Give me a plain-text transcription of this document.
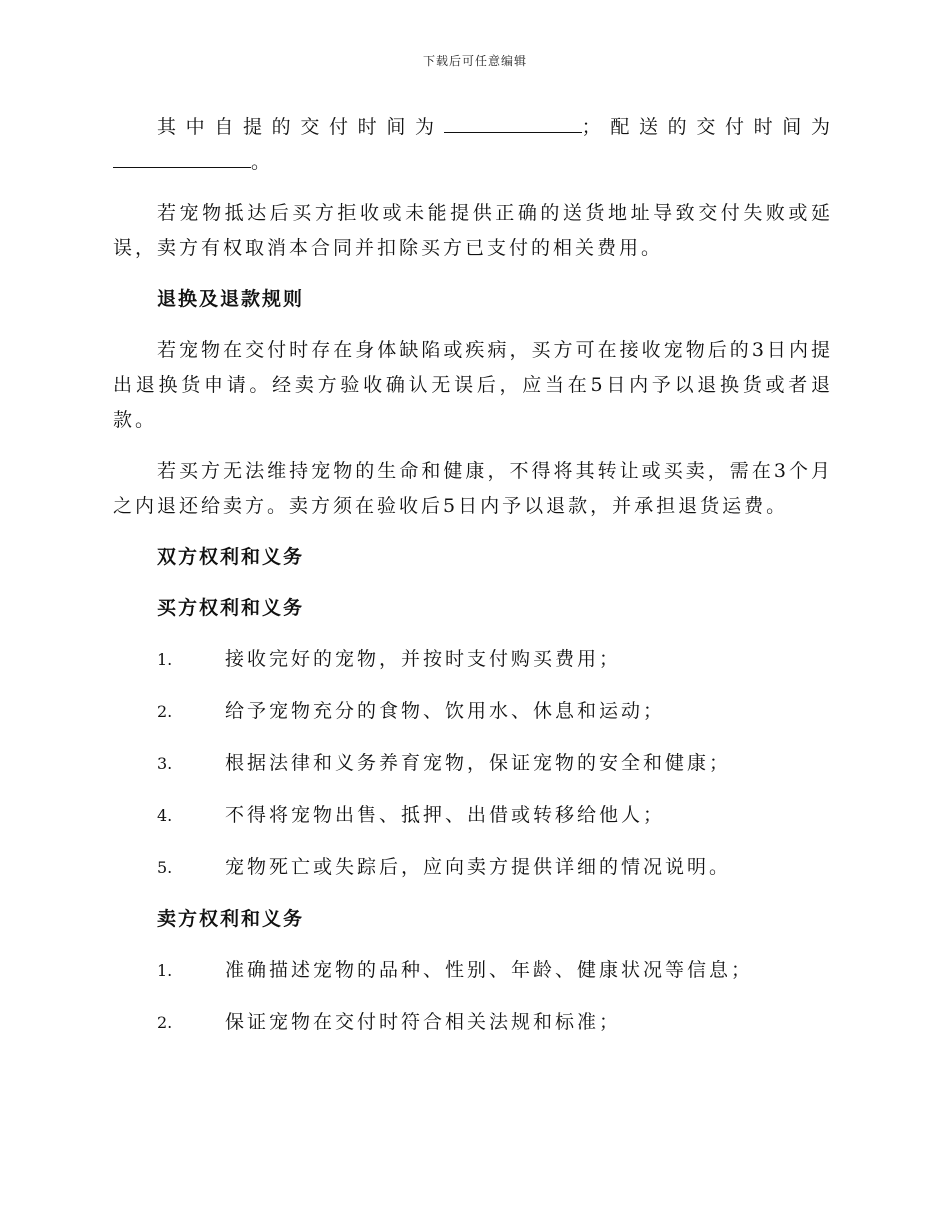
下载后可任意编辑

其中自提的交付时间为	；配送的交付时间为。

若宠物抵达后买方拒收或未能提供正确的送货地址导致交付失败或延误，卖方有权取消本合同并扣除买方已支付的相关费用。

退换及退款规则

若宠物在交付时存在身体缺陷或疾病，买方可在接收宠物后的3日内提出退换货申请。经卖方验收确认无误后，应当在5日内予以退换货或者退款。

若买方无法维持宠物的生命和健康，不得将其转让或买卖，需在3个月之内退还给卖方。卖方须在验收后5日内予以退款，并承担退货运费。

双方权利和义务
买方权利和义务
1.	接收完好的宠物，并按时支付购买费用；
2.	给予宠物充分的食物、饮用水、休息和运动；
3.	根据法律和义务养育宠物，保证宠物的安全和健康；
4.	不得将宠物出售、抵押、出借或转移给他人；
5.	宠物死亡或失踪后，应向卖方提供详细的情况说明。
卖方权利和义务
1.	准确描述宠物的品种、性别、年龄、健康状况等信息；
2.	保证宠物在交付时符合相关法规和标准；
